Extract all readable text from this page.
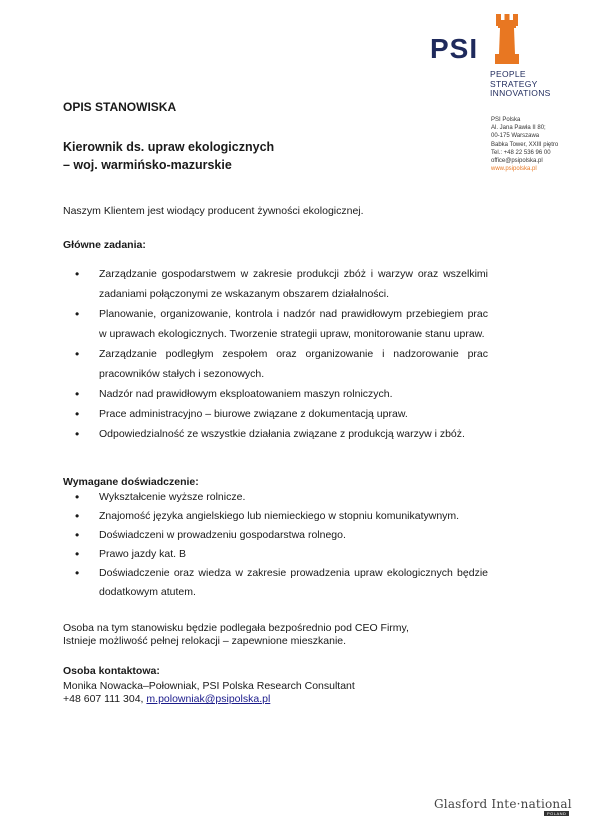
PSI
PEOPLE
STRATEGY
INNOVATIONS
PSI Polska
Al. Jana Pawła II 80;
00-175 Warszawa
Babka Tower, XXIII piętro
Tel.: +48 22 536 96 00
office@psipolska.pl
www.psipolska.pl
OPIS STANOWISKA
Kierownik ds. upraw ekologicznych
– woj. warmińsko-mazurskie
Naszym Klientem jest wiodący producent żywności ekologicznej.
Główne zadania:
• Zarządzanie gospodarstwem w zakresie produkcji zbóż i warzyw oraz wszelkimi zadaniami połączonymi ze wskazanym obszarem działalności.
• Planowanie, organizowanie, kontrola i nadzór nad prawidłowym przebiegiem prac w uprawach ekologicznych. Tworzenie strategii upraw, monitorowanie stanu upraw.
• Zarządzanie podległym zespołem oraz organizowanie i nadzorowanie prac pracowników stałych i sezonowych.
• Nadzór nad prawidłowym eksploatowaniem maszyn rolniczych.
• Prace administracyjno – biurowe związane z dokumentacją upraw.
• Odpowiedzialność ze wszystkie działania związane z produkcją warzyw i zbóż.
Wymagane doświadczenie:
• Wykształcenie wyższe rolnicze.
• Znajomość języka angielskiego lub niemieckiego w stopniu komunikatywnym.
• Doświadczeni w prowadzeniu gospodarstwa rolnego.
• Prawo jazdy kat. B
• Doświadczenie oraz wiedza w zakresie prowadzenia upraw ekologicznych będzie dodatkowym atutem.
Osoba na tym stanowisku będzie podlegała bezpośrednio pod CEO Firmy,
Istnieje możliwość pełnej relokacji – zapewnione mieszkanie.
Osoba kontaktowa:
Monika Nowacka–Połowniak, PSI Polska Research Consultant
+48 607 111 304, m.polowniak@psipolska.pl
Glasford Inte·national
POLAND
